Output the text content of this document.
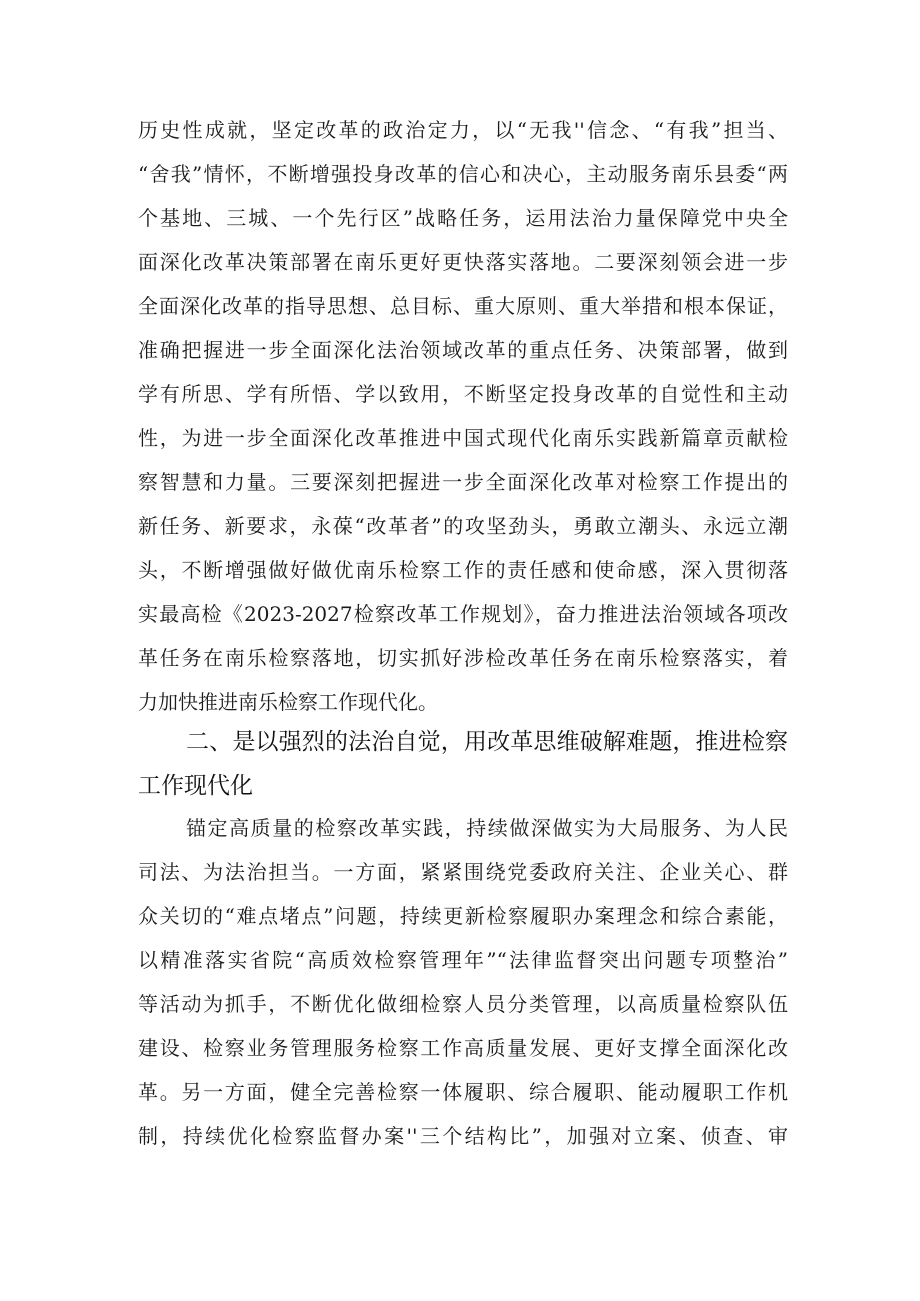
历史性成就，坚定改革的政治定力，以“无我''信念、“有我”担当、
“舍我”情怀，不断增强投身改革的信心和决心，主动服务南乐县委“两
个基地、三城、一个先行区”战略任务，运用法治力量保障党中央全
面深化改革决策部署在南乐更好更快落实落地。二要深刻领会进一步
全面深化改革的指导思想、总目标、重大原则、重大举措和根本保证，
准确把握进一步全面深化法治领域改革的重点任务、决策部署，做到
学有所思、学有所悟、学以致用，不断坚定投身改革的自觉性和主动
性，为进一步全面深化改革推进中国式现代化南乐实践新篇章贡献检
察智慧和力量。三要深刻把握进一步全面深化改革对检察工作提出的
新任务、新要求，永葆“改革者”的攻坚劲头，勇敢立潮头、永远立潮
头，不断增强做好做优南乐检察工作的责任感和使命感，深入贯彻落
实最高检《2023-2027检察改革工作规划》，奋力推进法治领域各项改
革任务在南乐检察落地，切实抓好涉检改革任务在南乐检察落实，着
力加快推进南乐检察工作现代化。
二、是以强烈的法治自觉，用改革思维破解难题，推进检察
工作现代化
锚定高质量的检察改革实践，持续做深做实为大局服务、为人民
司法、为法治担当。一方面，紧紧围绕党委政府关注、企业关心、群
众关切的“难点堵点”问题，持续更新检察履职办案理念和综合素能，
以精准落实省院“高质效检察管理年”“法律监督突出问题专项整治”
等活动为抓手，不断优化做细检察人员分类管理，以高质量检察队伍
建设、检察业务管理服务检察工作高质量发展、更好支撑全面深化改
革。另一方面，健全完善检察一体履职、综合履职、能动履职工作机
制，持续优化检察监督办案''三个结构比”，加强对立案、侦查、审
